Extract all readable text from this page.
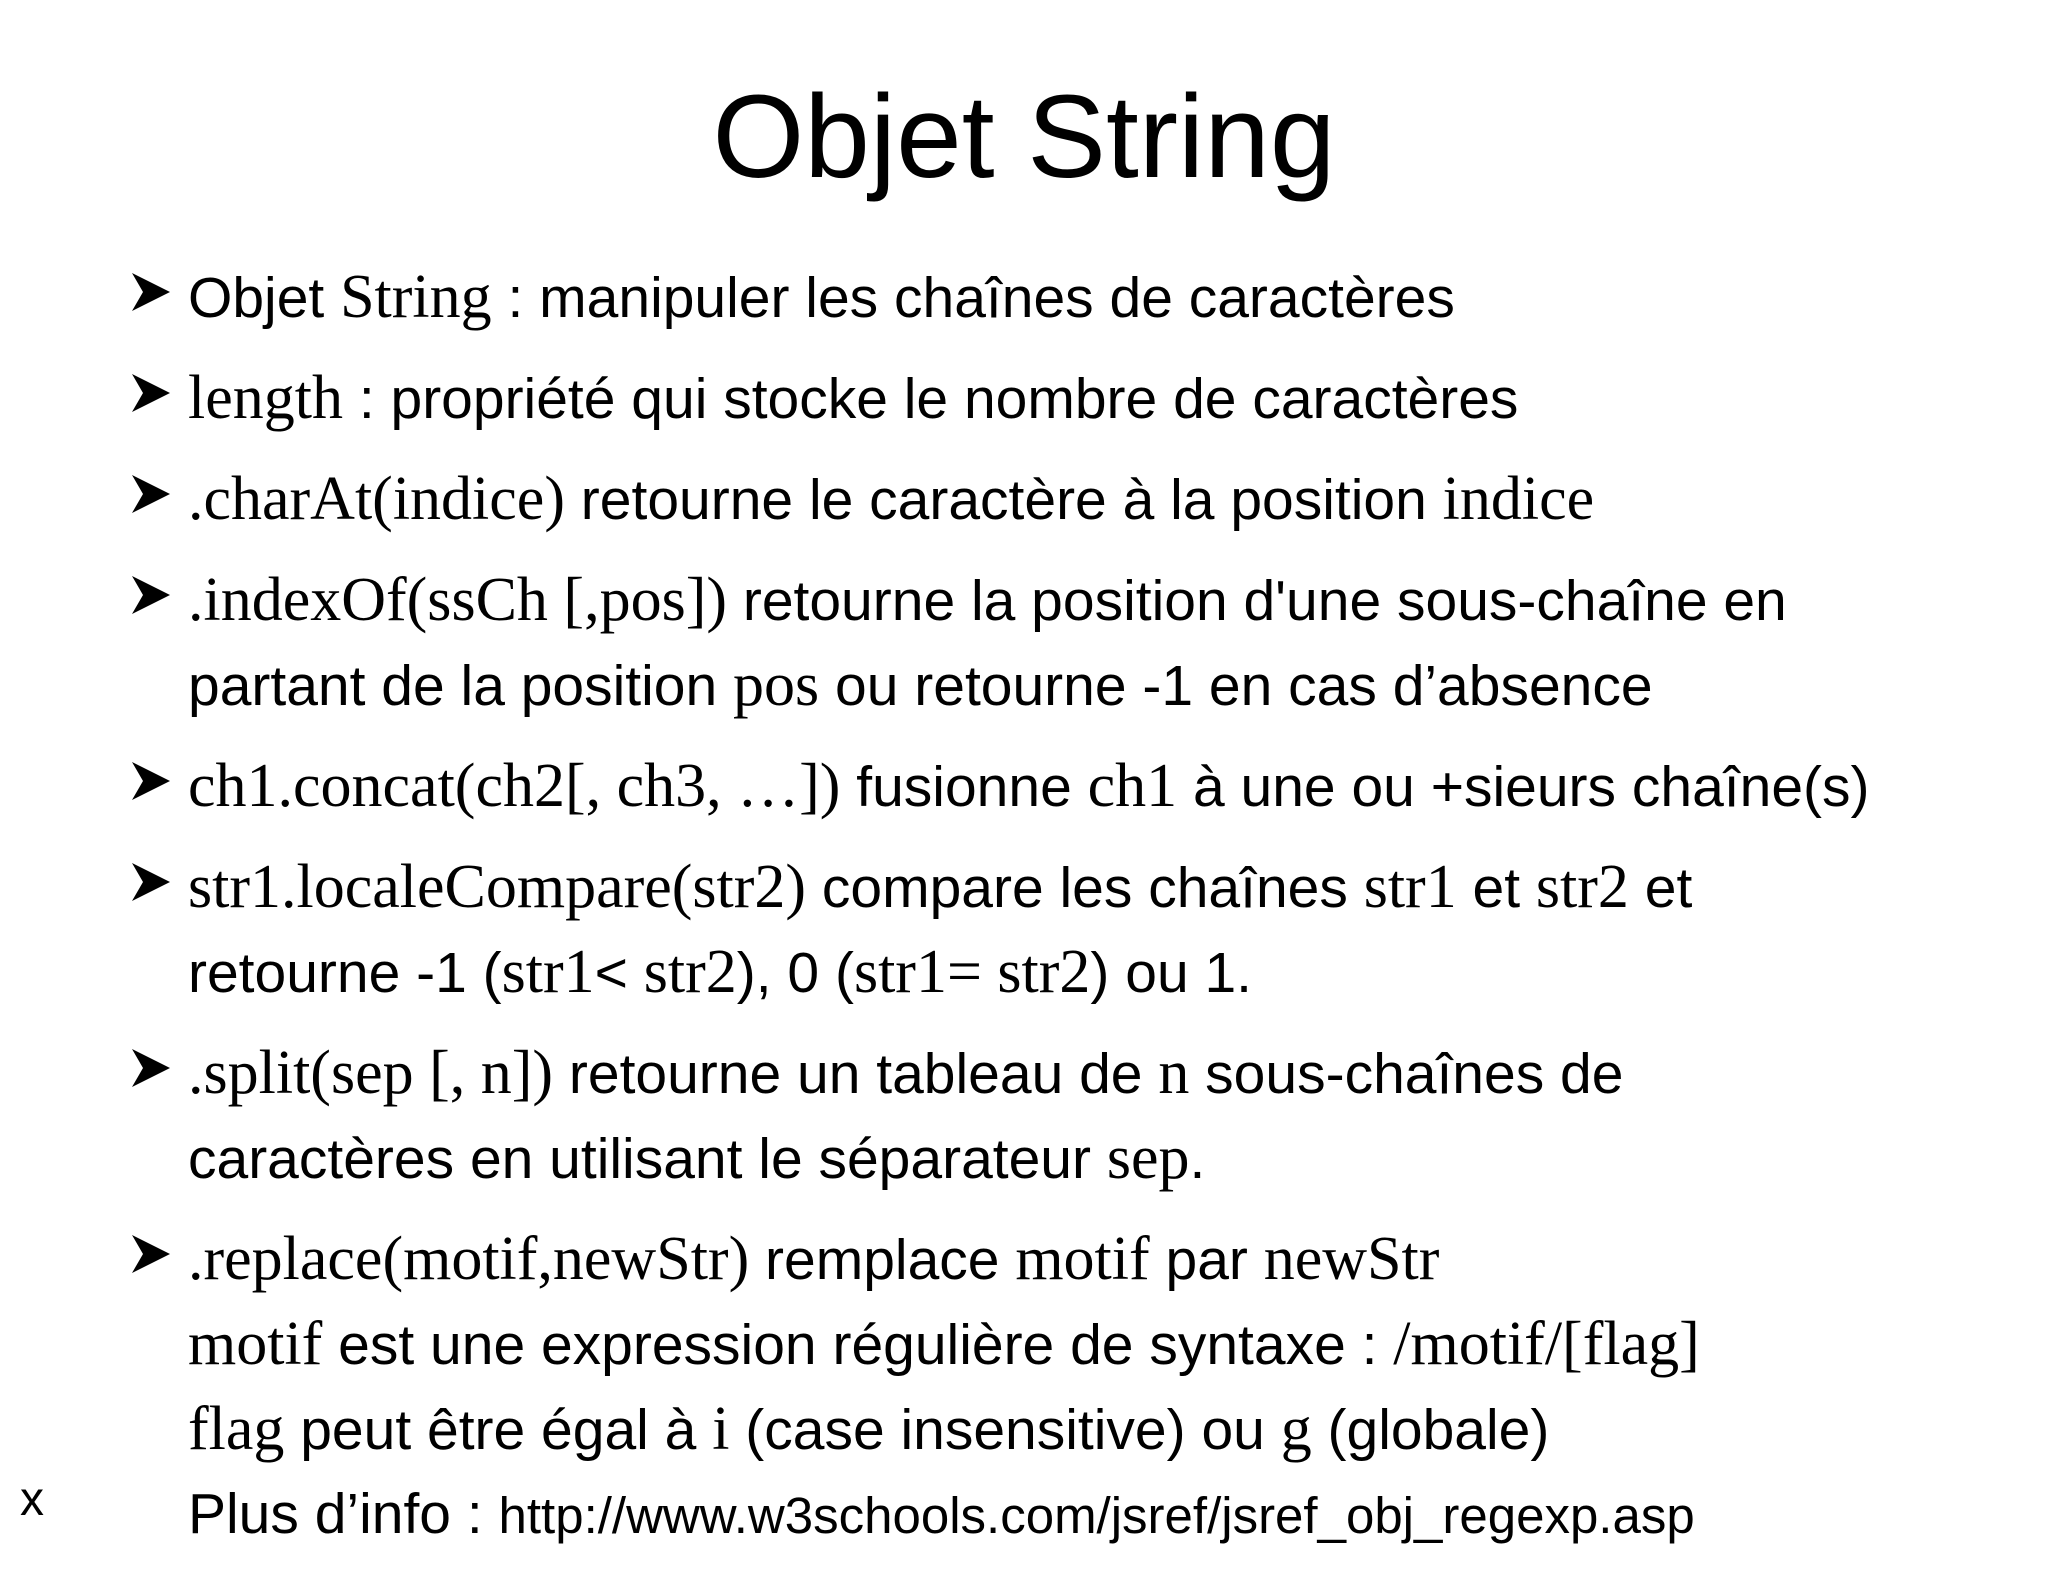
Objet String
Objet String : manipuler les chaînes de caractères
length : propriété qui stocke le nombre de caractères
.charAt(indice) retourne le caractère à la position indice
.indexOf(ssCh [,pos]) retourne la position d'une sous-chaîne en
partant de la position pos ou retourne -1 en cas d’absence
ch1.concat(ch2[, ch3, …]) fusionne ch1 à une ou +sieurs chaîne(s)
str1.localeCompare(str2) compare les chaînes str1 et str2 et
retourne -1 (str1< str2), 0 (str1= str2) ou 1.
.split(sep [, n]) retourne un tableau de n sous-chaînes de
caractères en utilisant le séparateur sep.
.replace(motif,newStr) remplace motif par newStr
motif est une expression régulière de syntaxe : /motif/[flag]
flag peut être égal à i (case insensitive) ou g (globale)
Plus d’info : http://www.w3schools.com/jsref/jsref_obj_regexp.asp
x
